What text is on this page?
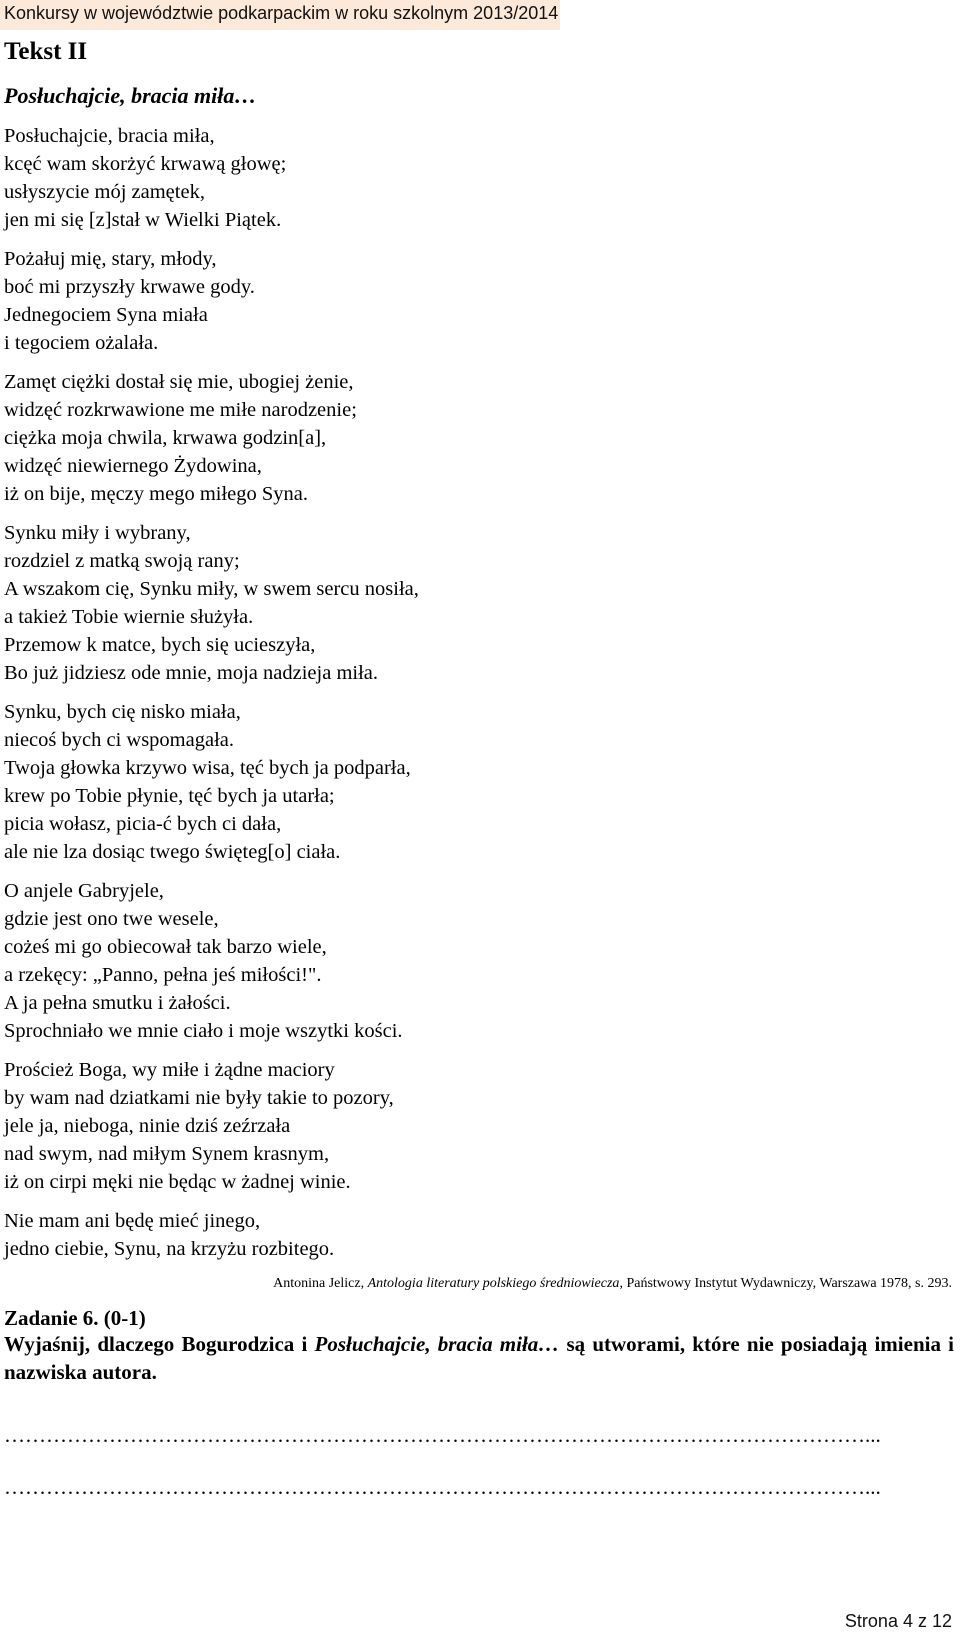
Konkursy w województwie podkarpackim w roku szkolnym 2013/2014
Tekst II
Posłuchajcie, bracia miła…
Posłuchajcie, bracia miła,
kcęć wam skorżyć krwawą głowę;
usłyszycie mój zamętek,
jen mi się [z]stał w Wielki Piątek.
Pożałuj mię, stary, młody,
boć mi przyszły krwawe gody.
Jednegociem Syna miała
i tegociem ożalała.
Zamęt ciężki dostał się mie, ubogiej żenie,
widzęć rozkrwawione me miłe narodzenie;
ciężka moja chwila, krwawa godzin[a],
widzęć niewiernego Żydowina,
iż on bije, męczy mego miłego Syna.
Synku miły i wybrany,
rozdziel z matką swoją rany;
A wszakom cię, Synku miły, w swem sercu nosiła,
a takież Tobie wiernie służyła.
Przemow k matce, bych się ucieszyła,
Bo już jidziesz ode mnie, moja nadzieja miła.
Synku, bych cię nisko miała,
niecoś bych ci wspomagała.
Twoja głowka krzywo wisa, tęć bych ja podparła,
krew po Tobie płynie, tęć bych ja utarła;
picia wołasz, picia-ć bych ci dała,
ale nie lza dosiąc twego święteg[o] ciała.
O anjele Gabryjele,
gdzie jest ono twe wesele,
cożeś mi go obiecował tak barzo wiele,
a rzekęcy: „Panno, pełna jeś miłości!".
A ja pełna smutku i żałości.
Sprochniało we mnie ciało i moje wszytki kości.
Proścież Boga, wy miłe i żądne maciory
by wam nad dziatkami nie były takie to pozory,
jele ja, nieboga, ninie dziś zeźrzała
nad swym, nad miłym Synem krasnym,
iż on cirpi męki nie będąc w żadnej winie.
Nie mam ani będę mieć jinego,
jedno ciebie, Synu, na krzyżu rozbitego.
Antonina Jelicz, Antologia literatury polskiego średniowiecza, Państwowy Instytut Wydawniczy, Warszawa 1978, s. 293.
Zadanie 6. (0-1)
Wyjaśnij, dlaczego Bogurodzica i Posłuchajcie, bracia miła… są utworami, które nie posiadają imienia i nazwiska autora.
……………………………………………………………………………………………………………...
……………………………………………………………………………………………………………...
Strona 4 z 12
